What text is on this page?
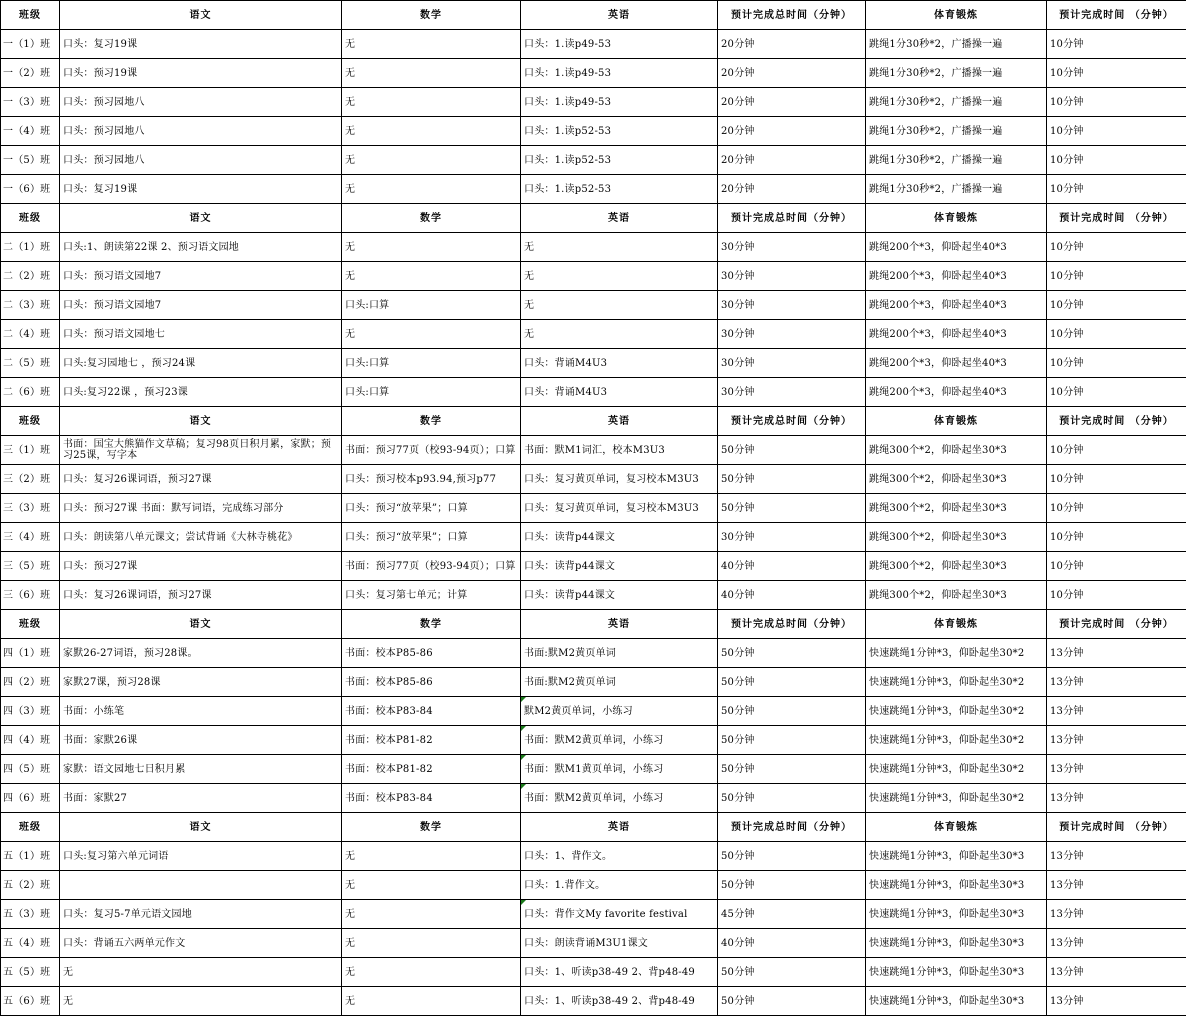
班级	语文	数学	英语	预计完成总时间（分钟）	体育锻炼	预计完成时间 （分钟）
一（1）班	口头：复习19课	无	口头：1.读p49-53	20分钟	跳绳1分30秒*2，广播操一遍	10分钟
一（2）班	口头：预习19课	无	口头：1.读p49-53	20分钟	跳绳1分30秒*2，广播操一遍	10分钟
一（3）班	口头：预习园地八	无	口头：1.读p49-53	20分钟	跳绳1分30秒*2，广播操一遍	10分钟
一（4）班	口头：预习园地八	无	口头：1.读p52-53	20分钟	跳绳1分30秒*2，广播操一遍	10分钟
一（5）班	口头：预习园地八	无	口头：1.读p52-53	20分钟	跳绳1分30秒*2，广播操一遍	10分钟
一（6）班	口头：复习19课	无	口头：1.读p52-53	20分钟	跳绳1分30秒*2，广播操一遍	10分钟
班级	语文	数学	英语	预计完成总时间（分钟）	体育锻炼	预计完成时间 （分钟）
二（1）班	口头:1、朗读第22课 2、预习语文园地	无	无	30分钟	跳绳200个*3，仰卧起坐40*3	10分钟
二（2）班	口头：预习语文园地7	无	无	30分钟	跳绳200个*3，仰卧起坐40*3	10分钟
二（3）班	口头：预习语文园地7	口头:口算	无	30分钟	跳绳200个*3，仰卧起坐40*3	10分钟
二（4）班	口头：预习语文园地七	无	无	30分钟	跳绳200个*3，仰卧起坐40*3	10分钟
二（5）班	口头:复习园地七 ，预习24课	口头:口算	口头：背诵M4U3	30分钟	跳绳200个*3，仰卧起坐40*3	10分钟
二（6）班	口头:复习22课 ，预习23课	口头:口算	口头：背诵M4U3	30分钟	跳绳200个*3，仰卧起坐40*3	10分钟
班级	语文	数学	英语	预计完成总时间（分钟）	体育锻炼	预计完成时间 （分钟）
三（1）班	书面：国宝大熊猫作文草稿；复习98页日积月累，家默；预习25课，写字本	书面：预习77页（校93-94页）；口算	书面：默M1词汇，校本M3U3	50分钟	跳绳300个*2，仰卧起坐30*3	10分钟
三（2）班	口头：复习26课词语，预习27课	口头：预习校本p93.94,预习p77	口头：复习黄页单词，复习校本M3U3	50分钟	跳绳300个*2，仰卧起坐30*3	10分钟
三（3）班	口头：预习27课 书面：默写词语，完成练习部分	口头：预习“放苹果”；口算	口头：复习黄页单词，复习校本M3U3	50分钟	跳绳300个*2，仰卧起坐30*3	10分钟
三（4）班	口头：朗读第八单元课文；尝试背诵《大林寺桃花》	口头：预习“放苹果”；口算	口头：读背p44课文	30分钟	跳绳300个*2，仰卧起坐30*3	10分钟
三（5）班	口头：预习27课	书面：预习77页（校93-94页）；口算	口头：读背p44课文	40分钟	跳绳300个*2，仰卧起坐30*3	10分钟
三（6）班	口头：复习26课词语，预习27课	口头：复习第七单元；计算	口头：读背p44课文	40分钟	跳绳300个*2，仰卧起坐30*3	10分钟
班级	语文	数学	英语	预计完成总时间（分钟）	体育锻炼	预计完成时间 （分钟）
四（1）班	家默26-27词语，预习28课。	书面：校本P85-86	书面:默M2黄页单词	50分钟	快速跳绳1分钟*3，仰卧起坐30*2	13分钟
四（2）班	家默27课，预习28课	书面：校本P85-86	书面:默M2黄页单词	50分钟	快速跳绳1分钟*3，仰卧起坐30*2	13分钟
四（3）班	书面：小练笔	书面：校本P83-84	默M2黄页单词，小练习	50分钟	快速跳绳1分钟*3，仰卧起坐30*2	13分钟
四（4）班	书面：家默26课	书面：校本P81-82	书面：默M2黄页单词，小练习	50分钟	快速跳绳1分钟*3，仰卧起坐30*2	13分钟
四（5）班	家默：语文园地七日积月累	书面：校本P81-82	书面：默M1黄页单词，小练习	50分钟	快速跳绳1分钟*3，仰卧起坐30*2	13分钟
四（6）班	书面：家默27	书面：校本P83-84	书面：默M2黄页单词，小练习	50分钟	快速跳绳1分钟*3，仰卧起坐30*2	13分钟
班级	语文	数学	英语	预计完成总时间（分钟）	体育锻炼	预计完成时间 （分钟）
五（1）班	口头:复习第六单元词语	无	口头：1、背作文。	50分钟	快速跳绳1分钟*3，仰卧起坐30*3	13分钟
五（2）班		无	口头：1.背作文。	50分钟	快速跳绳1分钟*3，仰卧起坐30*3	13分钟
五（3）班	口头：复习5-7单元语文园地	无	口头：背作文My favorite festival	45分钟	快速跳绳1分钟*3，仰卧起坐30*3	13分钟
五（4）班	口头：背诵五六两单元作文	无	口头：朗读背诵M3U1课文	40分钟	快速跳绳1分钟*3，仰卧起坐30*3	13分钟
五（5）班	无	无	口头：1、听读p38-49 2、背p48-49	50分钟	快速跳绳1分钟*3，仰卧起坐30*3	13分钟
五（6）班	无	无	口头：1、听读p38-49 2、背p48-49	50分钟	快速跳绳1分钟*3，仰卧起坐30*3	13分钟
